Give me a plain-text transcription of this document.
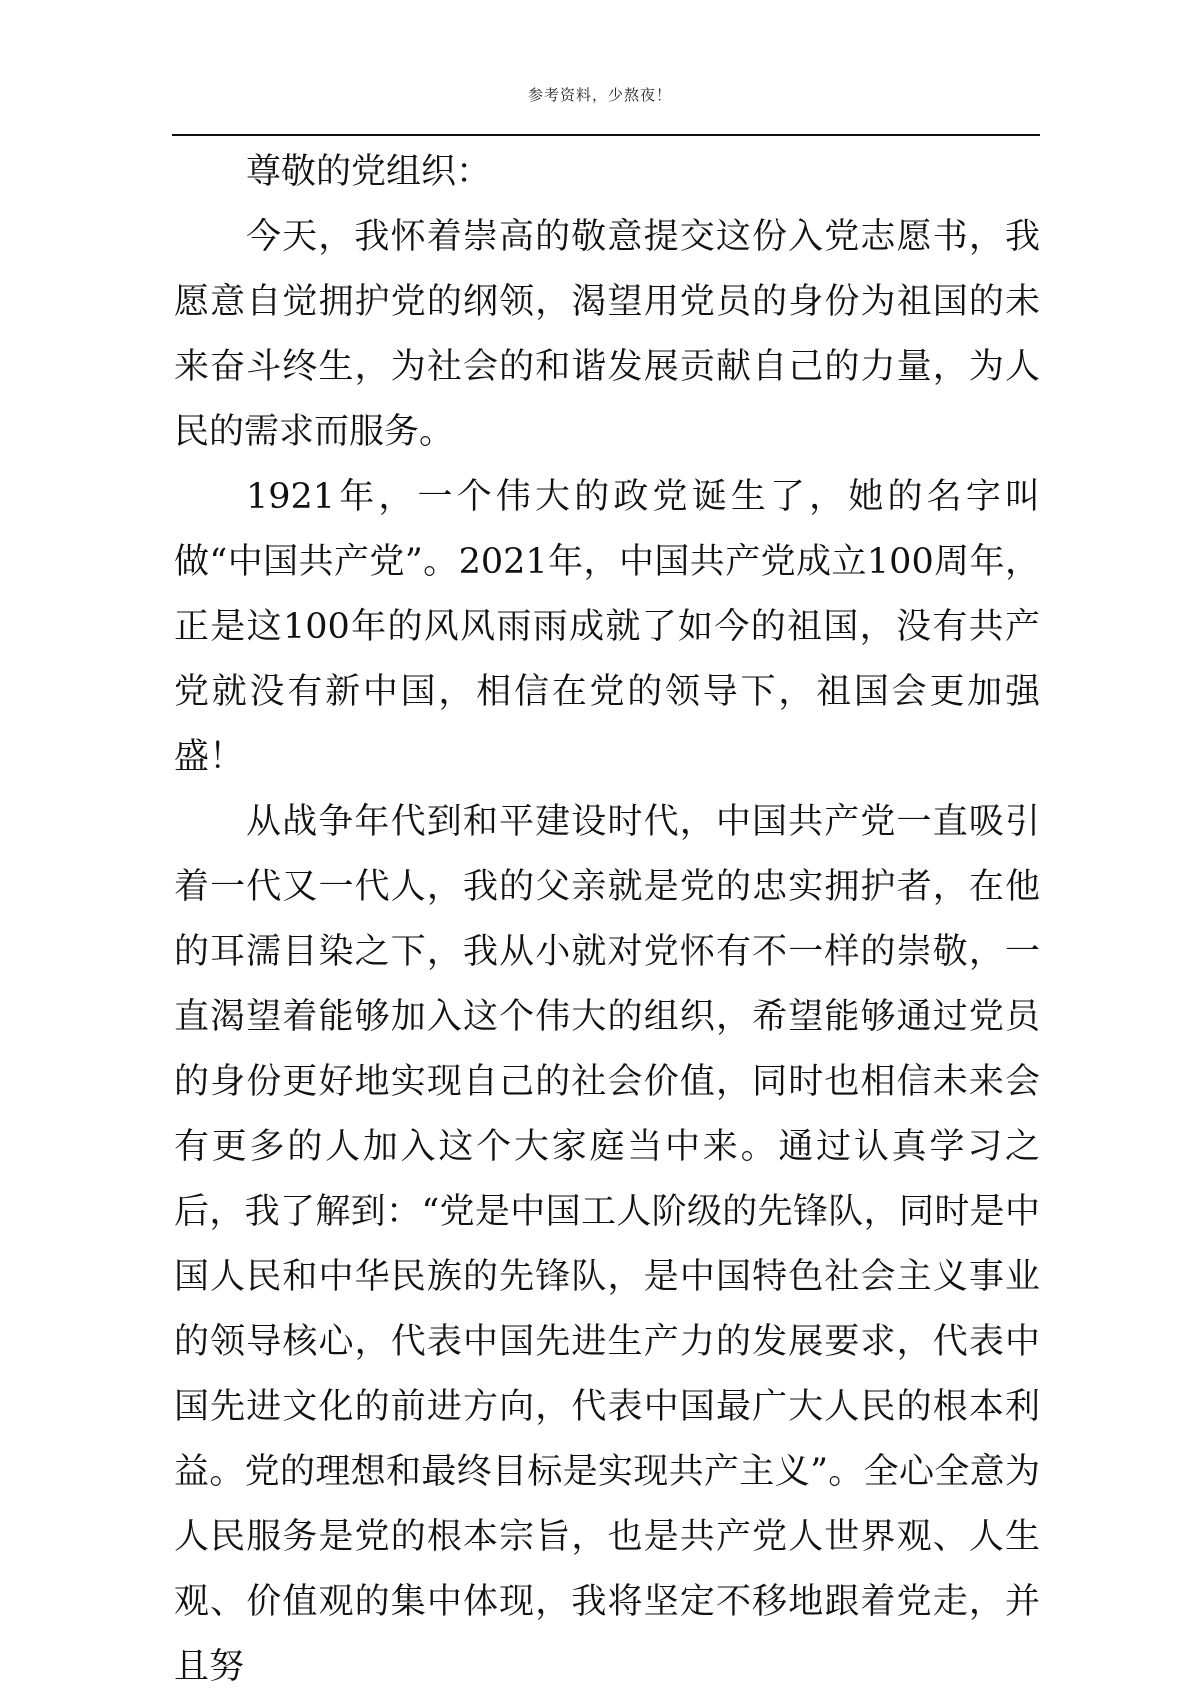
参考资料，少熬夜！

尊敬的党组织：

今天，我怀着崇高的敬意提交这份入党志愿书，我愿意自觉拥护党的纲领，渴望用党员的身份为祖国的未来奋斗终生，为社会的和谐发展贡献自己的力量，为人民的需求而服务。

1921年，一个伟大的政党诞生了，她的名字叫做“中国共产党”。2021年，中国共产党成立100周年，正是这100年的风风雨雨成就了如今的祖国，没有共产党就没有新中国，相信在党的领导下，祖国会更加强盛！

从战争年代到和平建设时代，中国共产党一直吸引着一代又一代人，我的父亲就是党的忠实拥护者，在他的耳濡目染之下，我从小就对党怀有不一样的崇敬，一直渴望着能够加入这个伟大的组织，希望能够通过党员的身份更好地实现自己的社会价值，同时也相信未来会有更多的人加入这个大家庭当中来。通过认真学习之后，我了解到：“党是中国工人阶级的先锋队，同时是中国人民和中华民族的先锋队，是中国特色社会主义事业的领导核心，代表中国先进生产力的发展要求，代表中国先进文化的前进方向，代表中国最广大人民的根本利益。党的理想和最终目标是实现共产主义”。全心全意为人民服务是党的根本宗旨，也是共产党人世界观、人生观、价值观的集中体现，我将坚定不移地跟着党走，并且努
